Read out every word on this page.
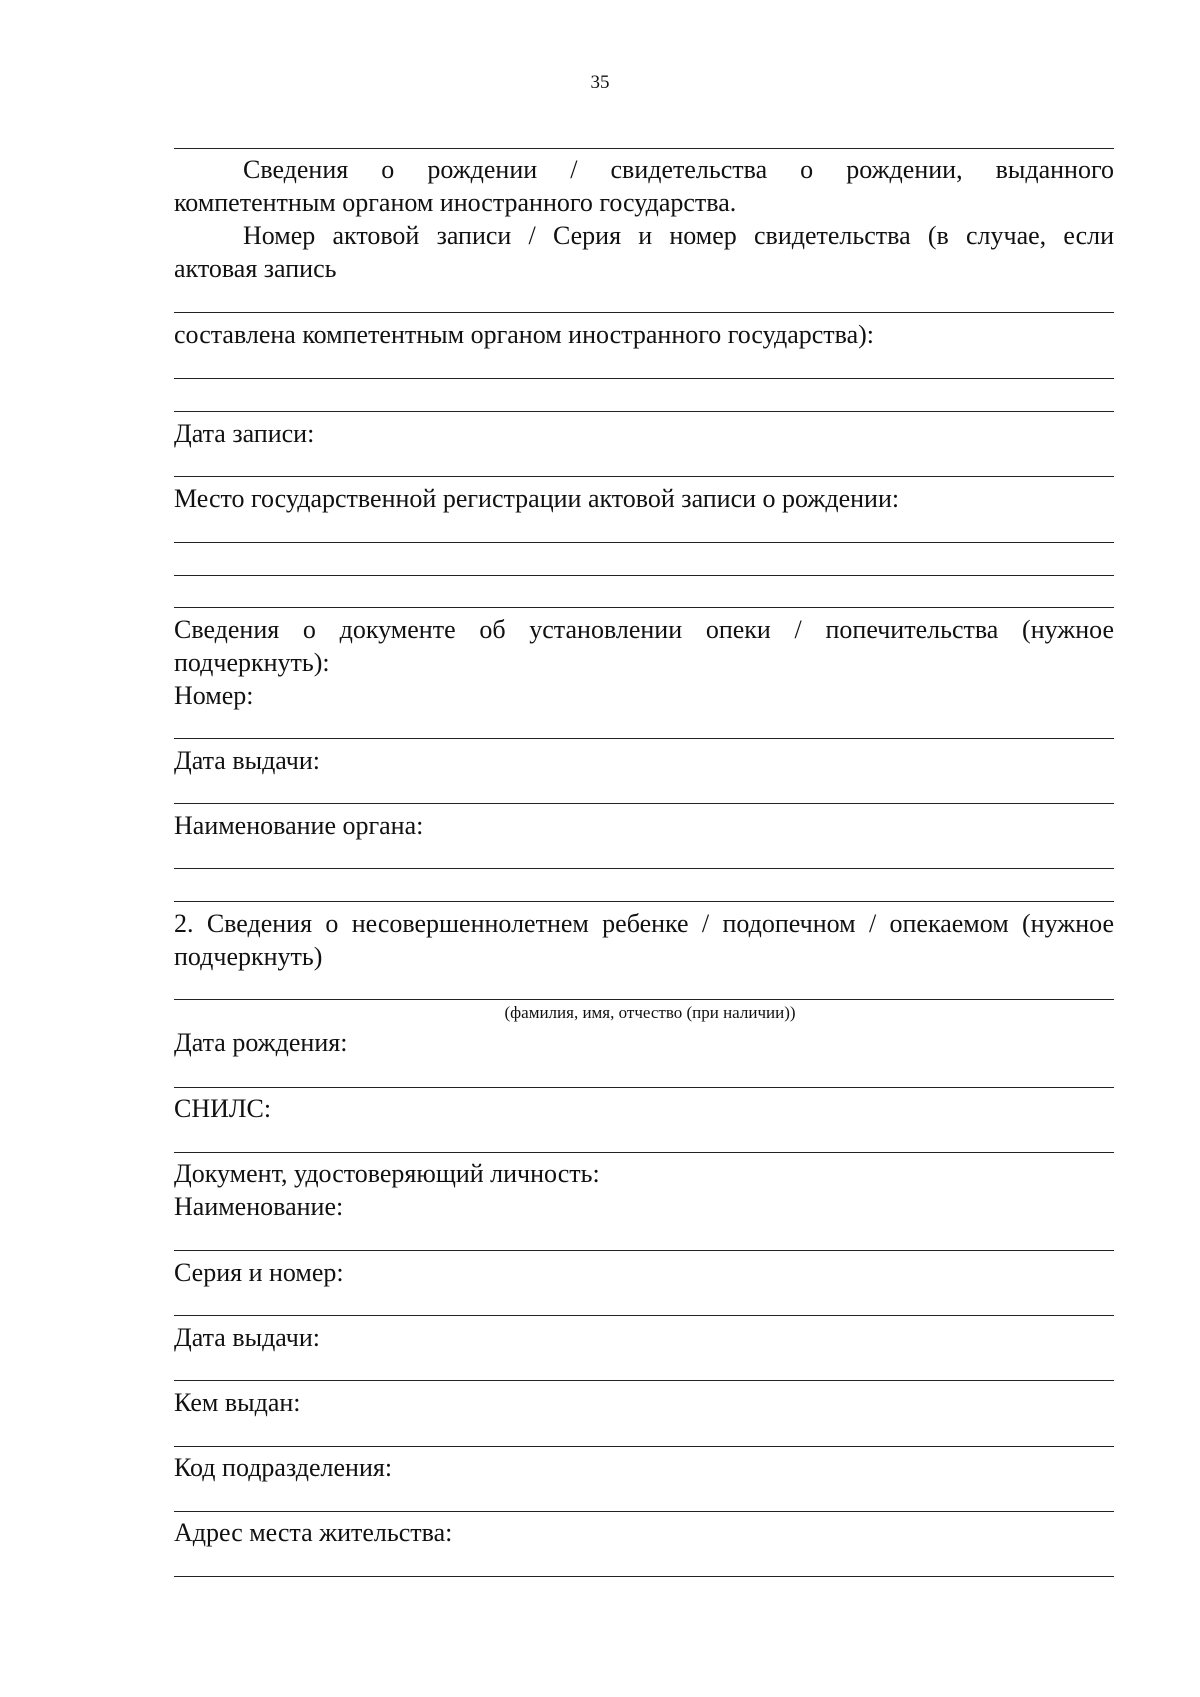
35
Сведения о рождении / свидетельства о рождении, выданного
компетентным органом иностранного государства.
Номер актовой записи / Серия и номер свидетельства (в случае, если
актовая запись
составлена компетентным органом иностранного государства):
Дата записи:
Место государственной регистрации актовой записи о рождении:
Сведения о документе об установлении опеки / попечительства (нужное
подчеркнуть):
Номер:
Дата выдачи:
Наименование органа:
2. Сведения о несовершеннолетнем ребенке / подопечном / опекаемом (нужное
подчеркнуть)
(фамилия, имя, отчество (при наличии))
Дата рождения:
СНИЛС:
Документ, удостоверяющий личность:
Наименование:
Серия и номер:
Дата выдачи:
Кем выдан:
Код подразделения:
Адрес места жительства:
